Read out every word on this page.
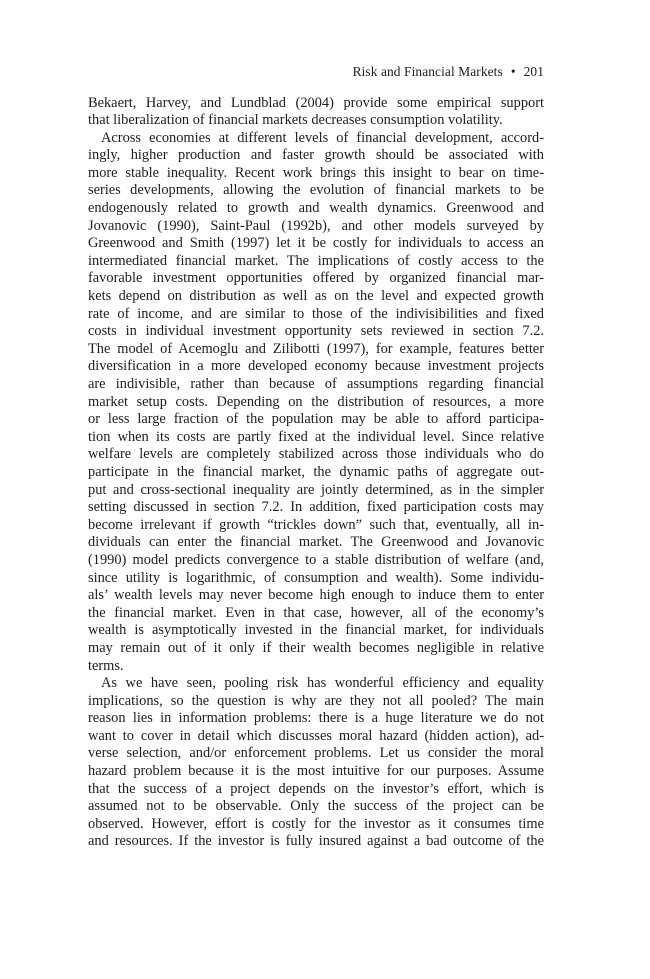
Risk and Financial Markets • 201
Bekaert, Harvey, and Lundblad (2004) provide some empirical support
that liberalization of financial markets decreases consumption volatility.
Across economies at different levels of financial development, accord-
ingly, higher production and faster growth should be associated with
more stable inequality. Recent work brings this insight to bear on time-
series developments, allowing the evolution of financial markets to be
endogenously related to growth and wealth dynamics. Greenwood and
Jovanovic (1990), Saint-Paul (1992b), and other models surveyed by
Greenwood and Smith (1997) let it be costly for individuals to access an
intermediated financial market. The implications of costly access to the
favorable investment opportunities offered by organized financial mar-
kets depend on distribution as well as on the level and expected growth
rate of income, and are similar to those of the indivisibilities and fixed
costs in individual investment opportunity sets reviewed in section 7.2.
The model of Acemoglu and Zilibotti (1997), for example, features better
diversification in a more developed economy because investment projects
are indivisible, rather than because of assumptions regarding financial
market setup costs. Depending on the distribution of resources, a more
or less large fraction of the population may be able to afford participa-
tion when its costs are partly fixed at the individual level. Since relative
welfare levels are completely stabilized across those individuals who do
participate in the financial market, the dynamic paths of aggregate out-
put and cross-sectional inequality are jointly determined, as in the simpler
setting discussed in section 7.2. In addition, fixed participation costs may
become irrelevant if growth “trickles down” such that, eventually, all in-
dividuals can enter the financial market. The Greenwood and Jovanovic
(1990) model predicts convergence to a stable distribution of welfare (and,
since utility is logarithmic, of consumption and wealth). Some individu-
als’ wealth levels may never become high enough to induce them to enter
the financial market. Even in that case, however, all of the economy’s
wealth is asymptotically invested in the financial market, for individuals
may remain out of it only if their wealth becomes negligible in relative
terms.
As we have seen, pooling risk has wonderful efficiency and equality
implications, so the question is why are they not all pooled? The main
reason lies in information problems: there is a huge literature we do not
want to cover in detail which discusses moral hazard (hidden action), ad-
verse selection, and/or enforcement problems. Let us consider the moral
hazard problem because it is the most intuitive for our purposes. Assume
that the success of a project depends on the investor’s effort, which is
assumed not to be observable. Only the success of the project can be
observed. However, effort is costly for the investor as it consumes time
and resources. If the investor is fully insured against a bad outcome of the
